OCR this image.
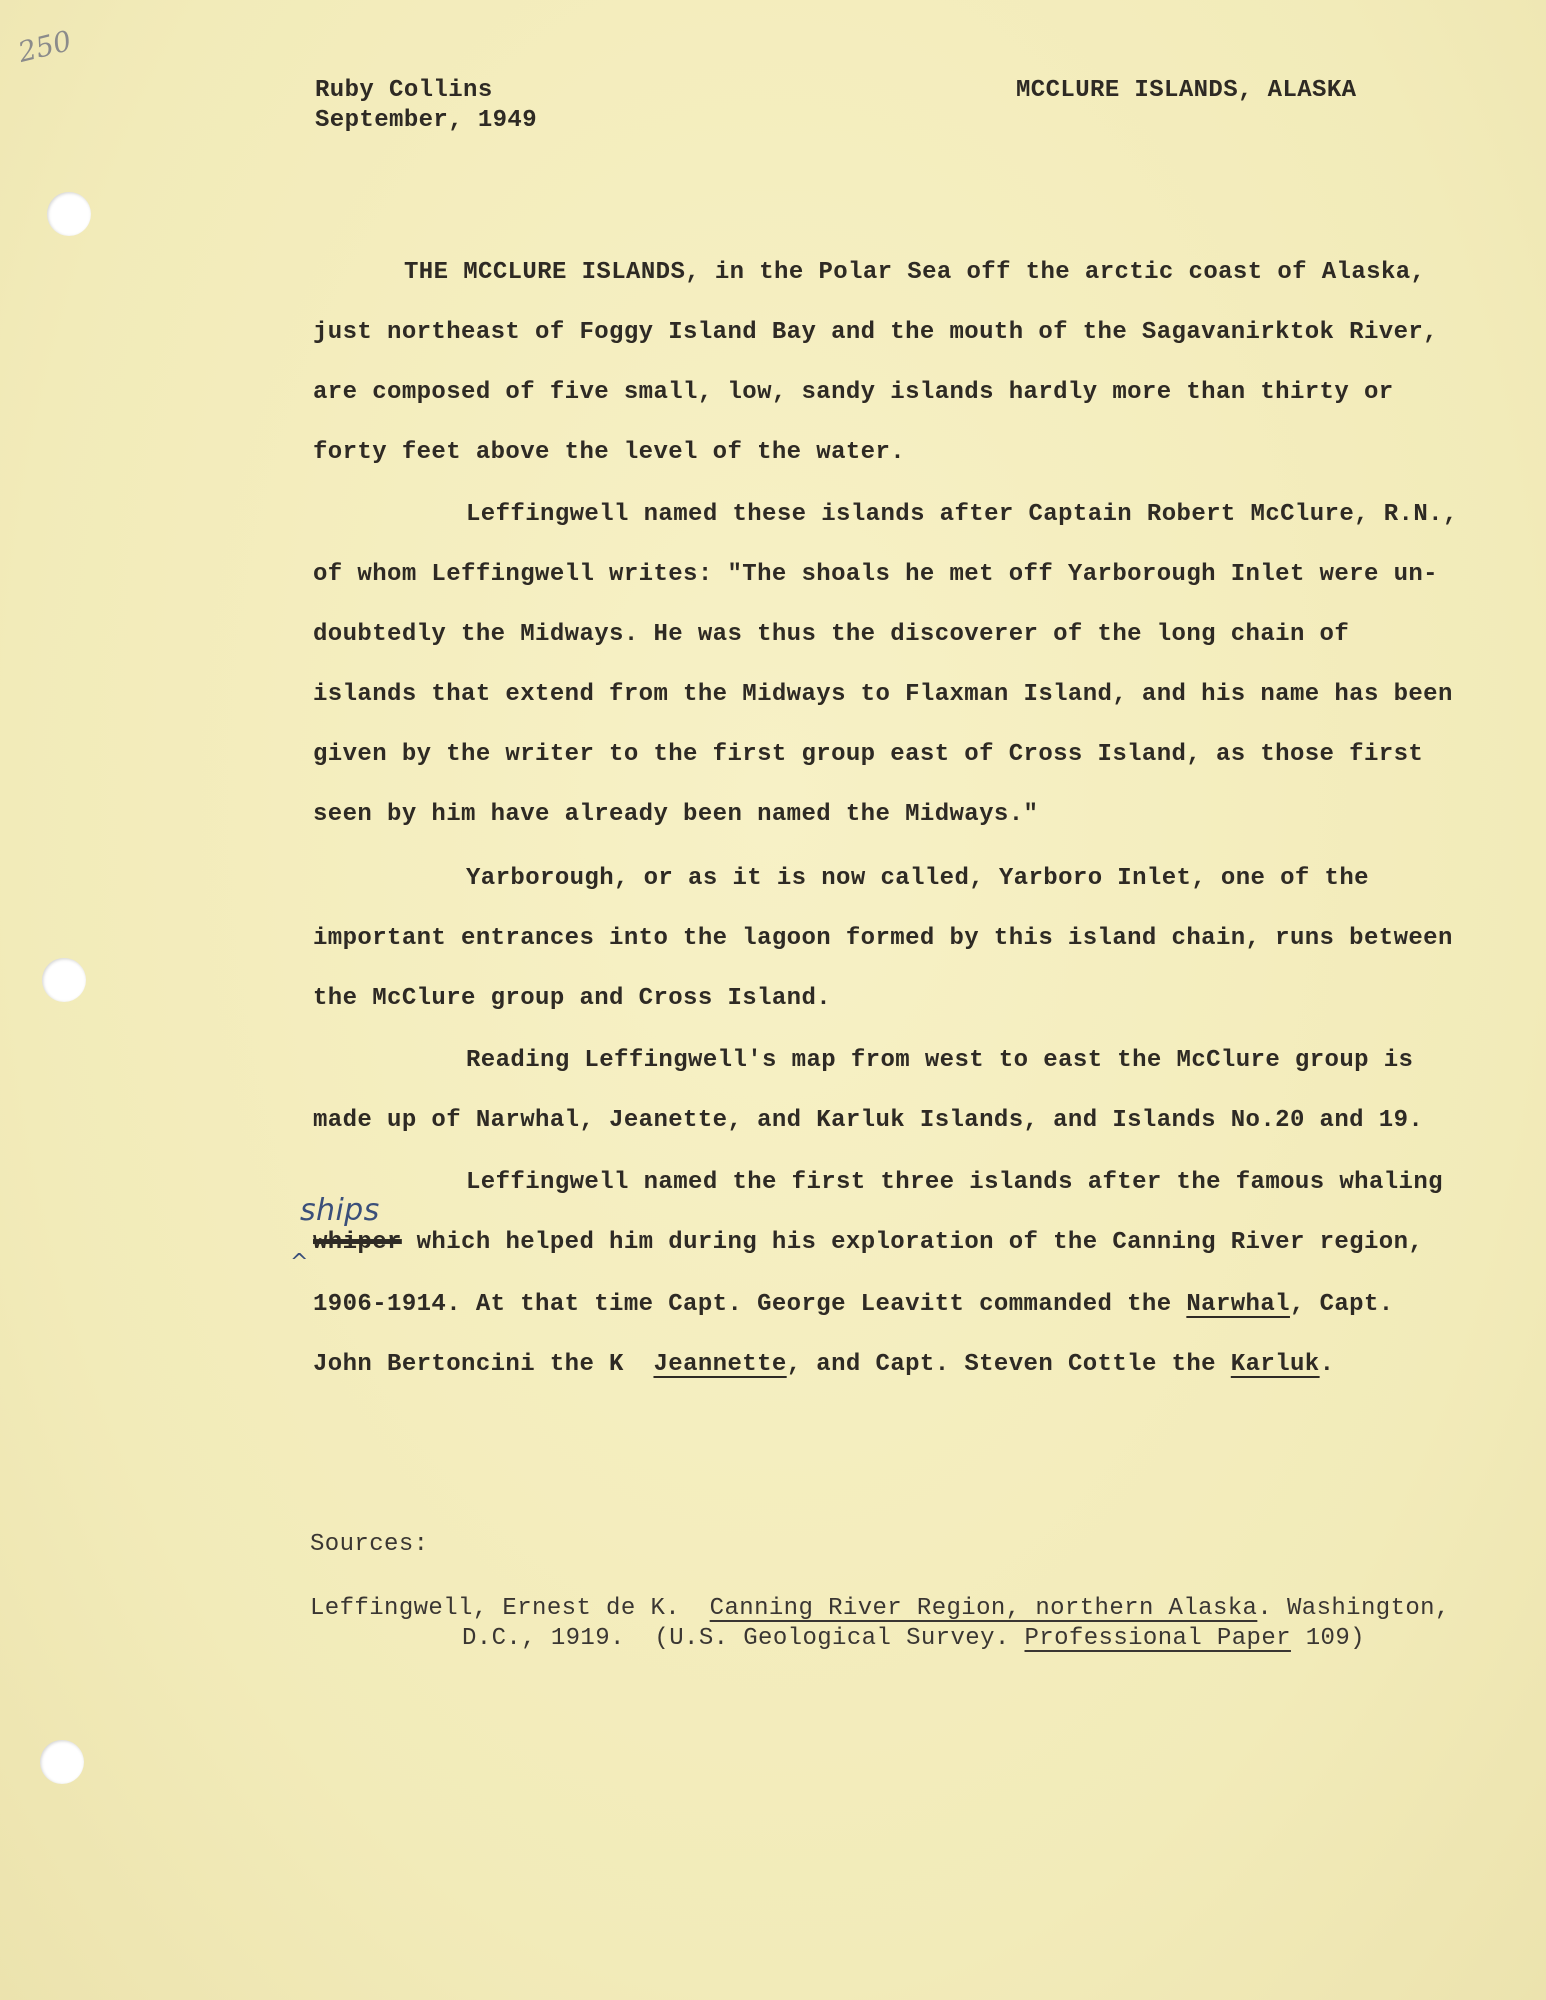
250
Ruby Collins
September, 1949
MCCLURE ISLANDS, ALASKA
THE MCCLURE ISLANDS, in the Polar Sea off the arctic coast of Alaska,
just northeast of Foggy Island Bay and the mouth of the Sagavanirktok River,
are composed of five small, low, sandy islands hardly more than thirty or
forty feet above the level of the water.
Leffingwell named these islands after Captain Robert McClure, R.N.,
of whom Leffingwell writes: "The shoals he met off Yarborough Inlet were un-
doubtedly the Midways. He was thus the discoverer of the long chain of
islands that extend from the Midways to Flaxman Island, and his name has been
given by the writer to the first group east of Cross Island, as those first
seen by him have already been named the Midways."
Yarborough, or as it is now called, Yarboro Inlet, one of the
important entrances into the lagoon formed by this island chain, runs between
the McClure group and Cross Island.
Reading Leffingwell's map from west to east the McClure group is
made up of Narwhal, Jeanette, and Karluk Islands, and Islands No.20 and 19.
Leffingwell named the first three islands after the famous whaling
ships
^
whiper which helped him during his exploration of the Canning River region,
1906-1914. At that time Capt. George Leavitt commanded the Narwhal, Capt.
John Bertoncini the K  Jeannette, and Capt. Steven Cottle the Karluk.
Sources:
Leffingwell, Ernest de K.  Canning River Region, northern Alaska. Washington,
D.C., 1919.  (U.S. Geological Survey. Professional Paper 109)
